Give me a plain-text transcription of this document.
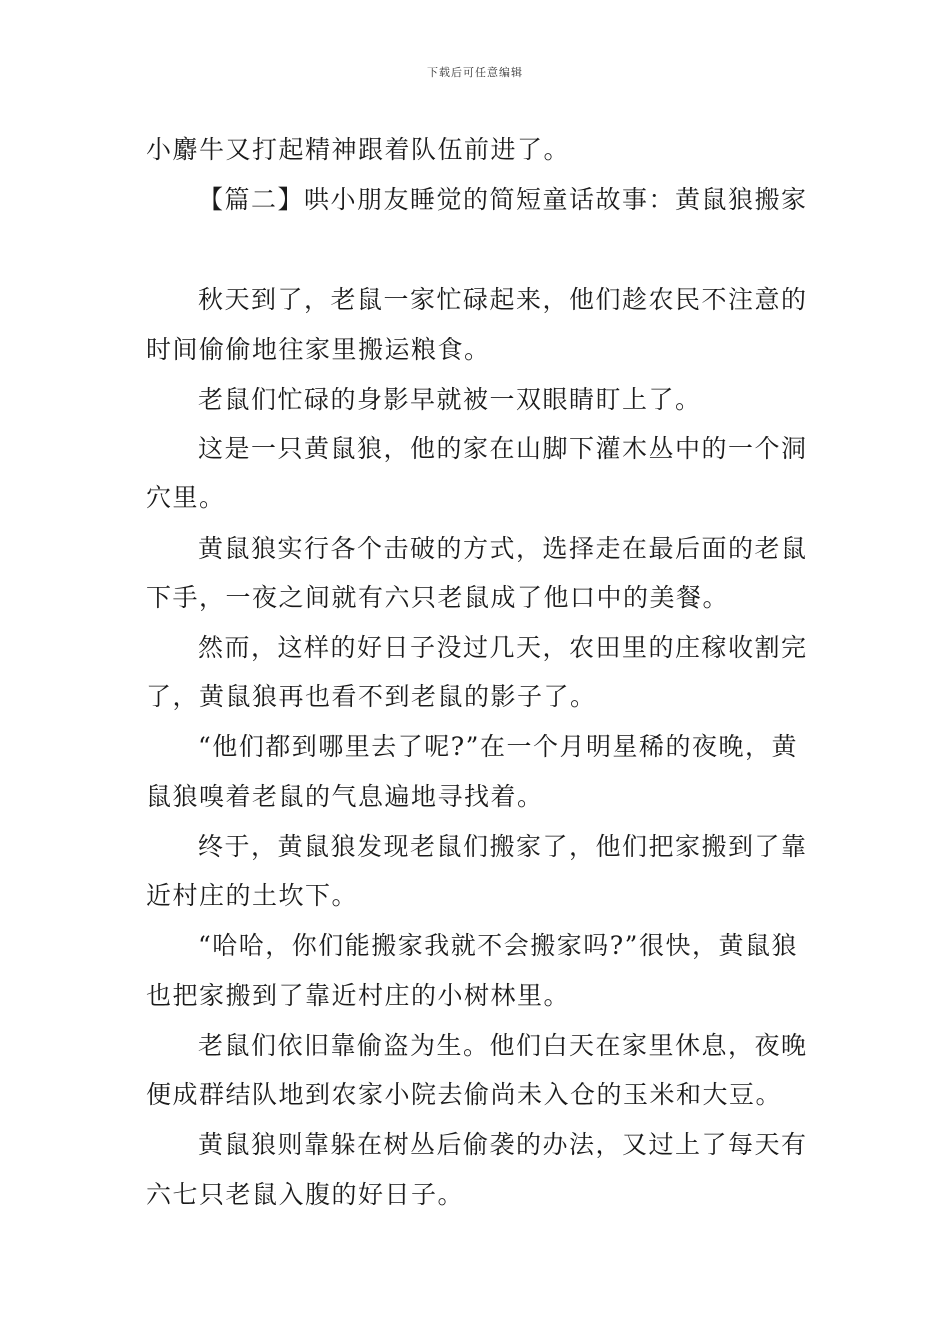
下载后可任意编辑
小麝牛又打起精神跟着队伍前进了。
【篇二】哄小朋友睡觉的简短童话故事：黄鼠狼搬家
秋天到了，老鼠一家忙碌起来，他们趁农民不注意的
时间偷偷地往家里搬运粮食。
老鼠们忙碌的身影早就被一双眼睛盯上了。
这是一只黄鼠狼，他的家在山脚下灌木丛中的一个洞
穴里。
黄鼠狼实行各个击破的方式，选择走在最后面的老鼠
下手，一夜之间就有六只老鼠成了他口中的美餐。
然而，这样的好日子没过几天，农田里的庄稼收割完
了，黄鼠狼再也看不到老鼠的影子了。
“他们都到哪里去了呢?”在一个月明星稀的夜晚，黄
鼠狼嗅着老鼠的气息遍地寻找着。
终于，黄鼠狼发现老鼠们搬家了，他们把家搬到了靠
近村庄的土坎下。
“哈哈，你们能搬家我就不会搬家吗?”很快，黄鼠狼
也把家搬到了靠近村庄的小树林里。
老鼠们依旧靠偷盗为生。他们白天在家里休息，夜晚
便成群结队地到农家小院去偷尚未入仓的玉米和大豆。
黄鼠狼则靠躲在树丛后偷袭的办法，又过上了每天有
六七只老鼠入腹的好日子。
